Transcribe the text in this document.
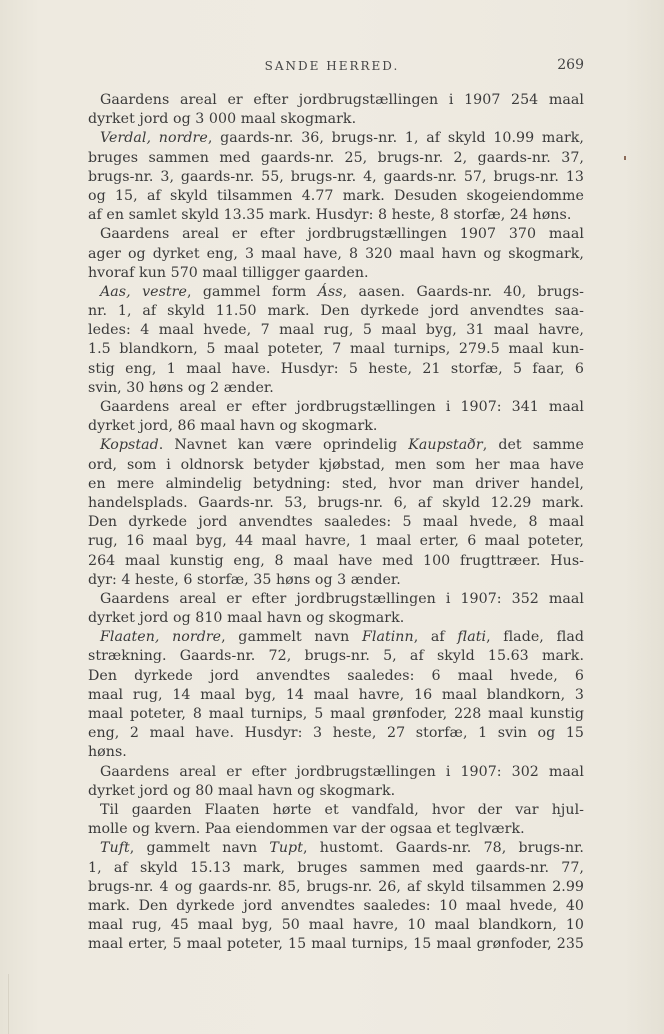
SANDE HERRED.	269
Gaardens areal er efter jordbrugstællingen i 1907 254 maal
dyrket jord og 3 000 maal skogmark.
Verdal, nordre, gaards-nr. 36, brugs-nr. 1, af skyld 10.99 mark,
bruges sammen med gaards-nr. 25, brugs-nr. 2, gaards-nr. 37,
brugs-nr. 3, gaards-nr. 55, brugs-nr. 4, gaards-nr. 57, brugs-nr. 13
og 15, af skyld tilsammen 4.77 mark. Desuden skogeiendomme
af en samlet skyld 13.35 mark. Husdyr: 8 heste, 8 storfæ, 24 høns.
Gaardens areal er efter jordbrugstællingen 1907 370 maal
ager og dyrket eng, 3 maal have, 8 320 maal havn og skogmark,
hvoraf kun 570 maal tilligger gaarden.
Aas, vestre, gammel form Áss, aasen. Gaards-nr. 40, brugs-
nr. 1, af skyld 11.50 mark. Den dyrkede jord anvendtes saa-
ledes: 4 maal hvede, 7 maal rug, 5 maal byg, 31 maal havre,
1.5 blandkorn, 5 maal poteter, 7 maal turnips, 279.5 maal kun-
stig eng, 1 maal have. Husdyr: 5 heste, 21 storfæ, 5 faar, 6
svin, 30 høns og 2 ænder.
Gaardens areal er efter jordbrugstællingen i 1907: 341 maal
dyrket jord, 86 maal havn og skogmark.
Kopstad. Navnet kan være oprindelig Kaupstaðr, det samme
ord, som i oldnorsk betyder kjøbstad, men som her maa have
en mere almindelig betydning: sted, hvor man driver handel,
handelsplads. Gaards-nr. 53, brugs-nr. 6, af skyld 12.29 mark.
Den dyrkede jord anvendtes saaledes: 5 maal hvede, 8 maal
rug, 16 maal byg, 44 maal havre, 1 maal erter, 6 maal poteter,
264 maal kunstig eng, 8 maal have med 100 frugttræer. Hus-
dyr: 4 heste, 6 storfæ, 35 høns og 3 ænder.
Gaardens areal er efter jordbrugstællingen i 1907: 352 maal
dyrket jord og 810 maal havn og skogmark.
Flaaten, nordre, gammelt navn Flatinn, af flati, flade, flad
strækning. Gaards-nr. 72, brugs-nr. 5, af skyld 15.63 mark.
Den dyrkede jord anvendtes saaledes: 6 maal hvede, 6
maal rug, 14 maal byg, 14 maal havre, 16 maal blandkorn, 3
maal poteter, 8 maal turnips, 5 maal grønfoder, 228 maal kunstig
eng, 2 maal have. Husdyr: 3 heste, 27 storfæ, 1 svin og 15
høns.
Gaardens areal er efter jordbrugstællingen i 1907: 302 maal
dyrket jord og 80 maal havn og skogmark.
Til gaarden Flaaten hørte et vandfald, hvor der var hjul-
molle og kvern. Paa eiendommen var der ogsaa et teglværk.
Tuft, gammelt navn Tupt, hustomt. Gaards-nr. 78, brugs-nr.
1, af skyld 15.13 mark, bruges sammen med gaards-nr. 77,
brugs-nr. 4 og gaards-nr. 85, brugs-nr. 26, af skyld tilsammen 2.99
mark. Den dyrkede jord anvendtes saaledes: 10 maal hvede, 40
maal rug, 45 maal byg, 50 maal havre, 10 maal blandkorn, 10
maal erter, 5 maal poteter, 15 maal turnips, 15 maal grønfoder, 235
